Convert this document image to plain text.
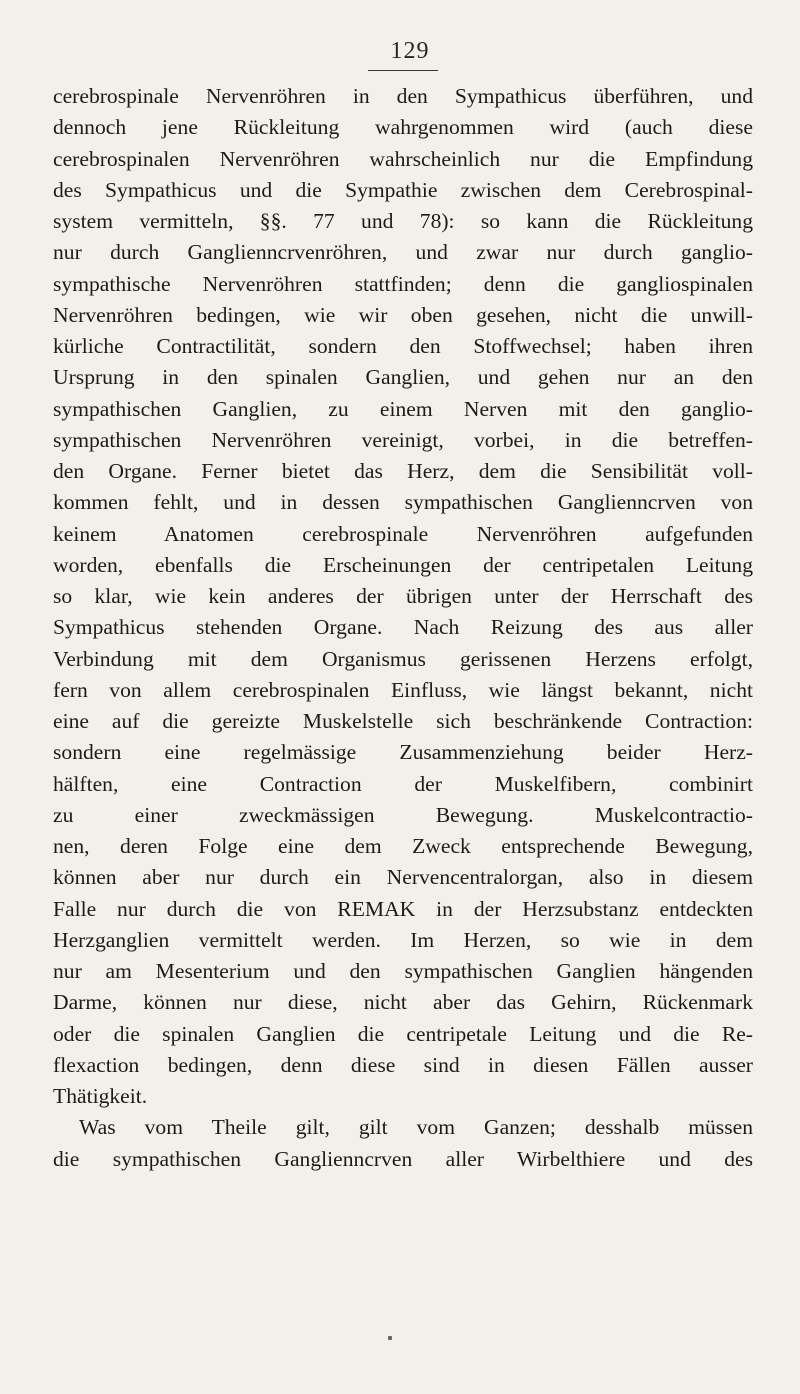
129
cerebrospinale Nervenröhren in den Sympathicus überführen, und
dennoch jene Rückleitung wahrgenommen wird (auch diese
cerebrospinalen Nervenröhren wahrscheinlich nur die Empfindung
des Sympathicus und die Sympathie zwischen dem Cerebrospinal-
system vermitteln, §§. 77 und 78): so kann die Rückleitung
nur durch Ganglienncrvenröhren, und zwar nur durch ganglio-
sympathische Nervenröhren stattfinden; denn die gangliospinalen
Nervenröhren bedingen, wie wir oben gesehen, nicht die unwill-
kürliche Contractilität, sondern den Stoffwechsel; haben ihren
Ursprung in den spinalen Ganglien, und gehen nur an den
sympathischen Ganglien, zu einem Nerven mit den ganglio-
sympathischen Nervenröhren vereinigt, vorbei, in die betreffen-
den Organe. Ferner bietet das Herz, dem die Sensibilität voll-
kommen fehlt, und in dessen sympathischen Ganglienncrven von
keinem Anatomen cerebrospinale Nervenröhren aufgefunden
worden, ebenfalls die Erscheinungen der centripetalen Leitung
so klar, wie kein anderes der übrigen unter der Herrschaft des
Sympathicus stehenden Organe. Nach Reizung des aus aller
Verbindung mit dem Organismus gerissenen Herzens erfolgt,
fern von allem cerebrospinalen Einfluss, wie längst bekannt, nicht
eine auf die gereizte Muskelstelle sich beschränkende Contraction:
sondern eine regelmässige Zusammenziehung beider Herz-
hälften, eine Contraction der Muskelfibern, combinirt
zu einer zweckmässigen Bewegung. Muskelcontractio-
nen, deren Folge eine dem Zweck entsprechende Bewegung,
können aber nur durch ein Nervencentralorgan, also in diesem
Falle nur durch die von REMAK in der Herzsubstanz entdeckten
Herzganglien vermittelt werden. Im Herzen, so wie in dem
nur am Mesenterium und den sympathischen Ganglien hängenden
Darme, können nur diese, nicht aber das Gehirn, Rückenmark
oder die spinalen Ganglien die centripetale Leitung und die Re-
flexaction bedingen, denn diese sind in diesen Fällen ausser
Thätigkeit.
Was vom Theile gilt, gilt vom Ganzen; desshalb müssen
die sympathischen Ganglienncrven aller Wirbelthiere und des
